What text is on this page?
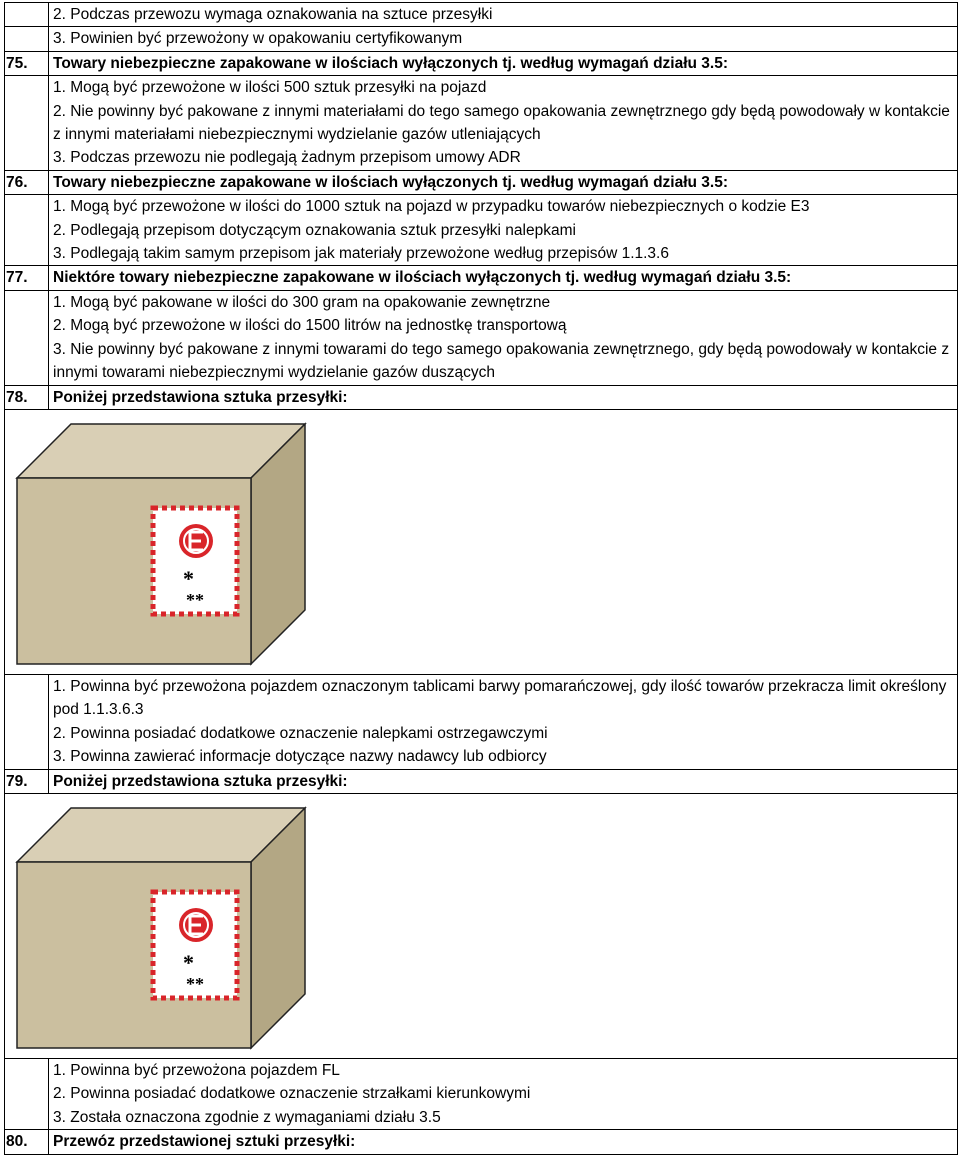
	2. Podczas przewozu wymaga oznakowania na sztuce przesyłki
	3. Powinien być przewożony w opakowaniu certyfikowanym
75.	Towary niebezpieczne zapakowane w ilościach wyłączonych tj. według wymagań działu 3.5:

	1. Mogą być przewożone w ilości 500 sztuk przesyłki na pojazd
2. Nie powinny być pakowane z innymi materiałami do tego samego opakowania zewnętrznego gdy będą powodowały w kontakcie z innymi materiałami niebezpiecznymi wydzielanie gazów utleniających
3. Podczas przewozu nie podlegają żadnym przepisom umowy ADR

76.	Towary niebezpieczne zapakowane w ilościach wyłączonych tj. według wymagań działu 3.5:

	1. Mogą być przewożone w ilości do 1000 sztuk na pojazd w przypadku towarów niebezpiecznych o kodzie E3
2. Podlegają przepisom dotyczącym oznakowania sztuk przesyłki nalepkami
3. Podlegają takim samym przepisom jak materiały przewożone według przepisów 1.1.3.6

77.	Niektóre towary niebezpieczne zapakowane w ilościach wyłączonych tj. według wymagań działu 3.5:

	1. Mogą być pakowane w ilości do 300 gram na opakowanie zewnętrzne
2. Mogą być przewożone w ilości do 1500 litrów na jednostkę transportową
3. Nie powinny być pakowane z innymi towarami do tego samego opakowania zewnętrznego, gdy będą powodowały w kontakcie z innymi towarami niebezpiecznymi wydzielanie gazów duszących

78.	Poniżej przedstawiona sztuka przesyłki:

*
**	

	1. Powinna być przewożona pojazdem oznaczonym tablicami barwy pomarańczowej, gdy ilość towarów przekracza limit określony pod 1.1.3.6.3
2. Powinna posiadać dodatkowe oznaczenie nalepkami ostrzegawczymi
3. Powinna zawierać informacje dotyczące nazwy nadawcy lub odbiorcy

79.	Poniżej przedstawiona sztuka przesyłki:

*
**	

	1. Powinna być przewożona pojazdem FL
2. Powinna posiadać dodatkowe oznaczenie strzałkami kierunkowymi
3. Została oznaczona zgodnie z wymaganiami działu 3.5

80.	Przewóz przedstawionej sztuki przesyłki:
